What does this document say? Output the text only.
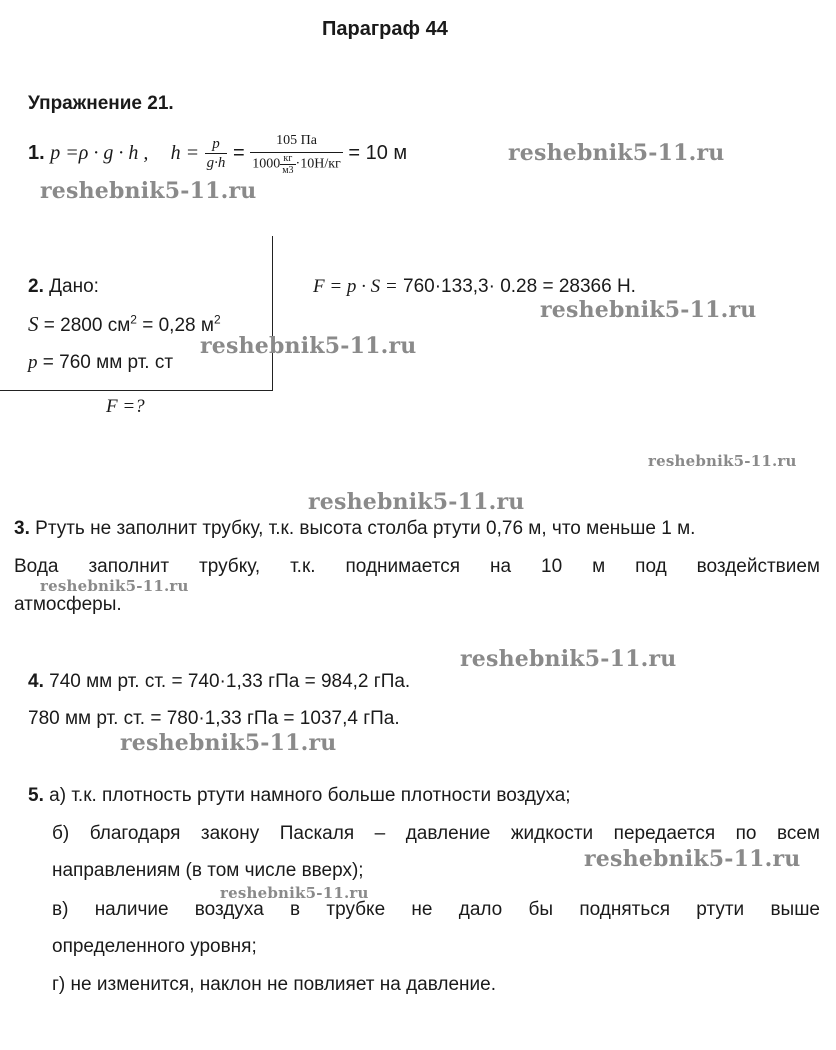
Параграф 44
Упражнение 21.
1. p =ρ · g · h , $h = \frac{p}{g\cdot h} = \frac{105 Па}{1000 \frac{кг}{м3} \cdot 10Н/кг} = 10$ м
2. Дано:
S = 2800 $см^2 = 0,28$ $м^2$
р = 760 мм рт. ст
F =?
F = p · S = 760·133,3· 0.28 = 28366 Н.
3. Ртуть не заполнит трубку, т.к. высота столба ртути 0,76 м, что меньше 1 м.
Вода заполнит трубку, т.к. поднимается на 10 м под воздействием
атмосферы.
4. 740 мм рт. ст. = 740·1,33 гПа = 984,2 гПа.
780 мм рт. ст. = 780·1,33 гПа = 1037,4 гПа.
5. а) т.к. плотность ртути намного больше плотности воздуха;
б) благодаря закону Паскаля – давление жидкости передается по всем
направлениям (в том числе вверх);
в) наличие воздуха в трубке не дало бы подняться ртути выше
определенного уровня;
г) не изменится, наклон не повлияет на давление.
reshebnik5-11.ru
reshebnik5-11.ru
reshebnik5-11.ru
reshebnik5-11.ru
reshebnik5-11.ru
reshebnik5-11.ru
reshebnik5-11.ru
reshebnik5-11.ru
reshebnik5-11.ru
reshebnik5-11.ru
reshebnik5-11.ru
